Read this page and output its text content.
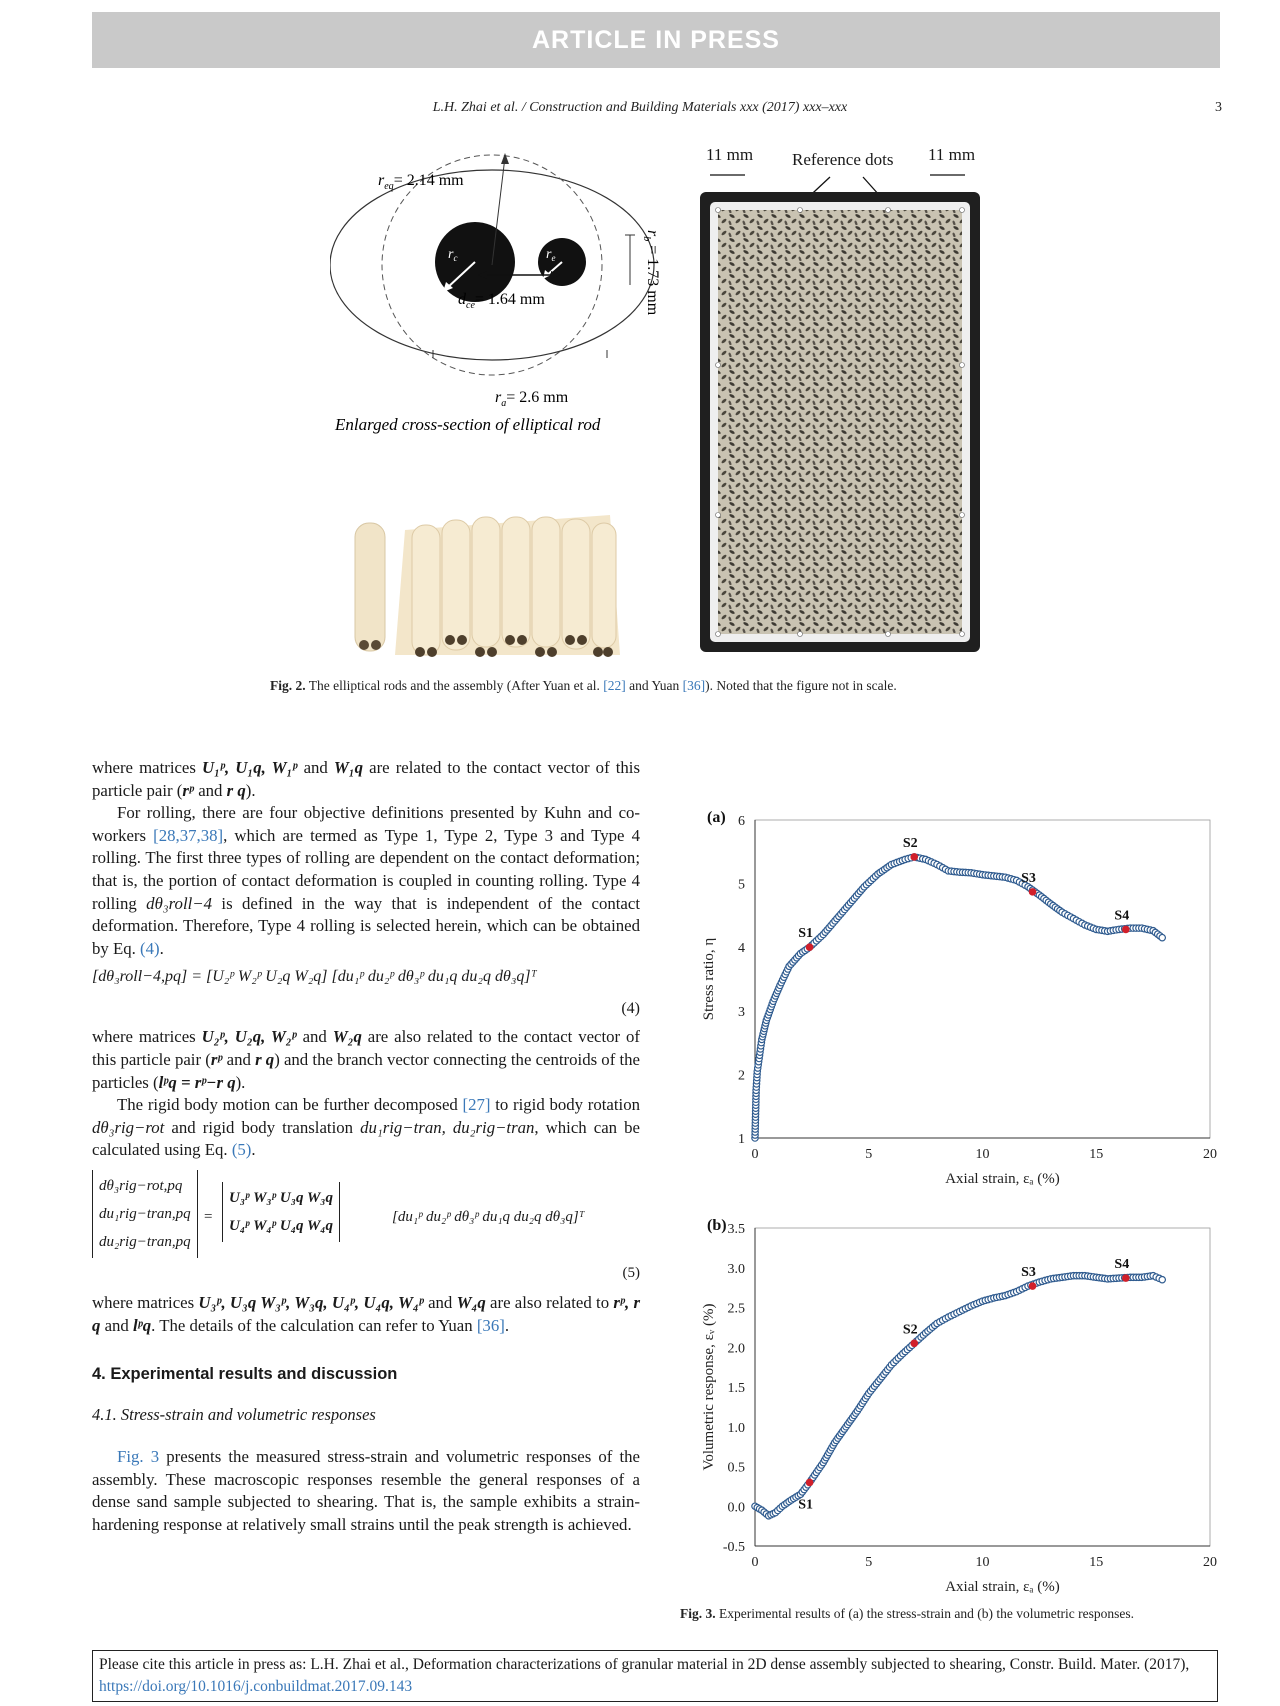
ARTICLE IN PRESS
L.H. Zhai et al. / Construction and Building Materials xxx (2017) xxx–xxx	3
$r_{eq}= 2.14$ mm
$r_c$	$r_e$
$d_{ce}= 1.64$ mm
$r_b = 1.73$ mm
$r_a= 2.6$ mm
Enlarged cross-section of elliptical rod
11 mm Reference dots 11 mm
Fig. 2. The elliptical rods and the assembly (After Yuan et al. [22] and Yuan [36]). Noted that the figure not in scale.

where matrices U₁ᵖ, U₁q, W₁ᵖ and W₁q are related to the contact vector of this particle pair (rᵖ and r q).

For rolling, there are four objective definitions presented by Kuhn and co-workers [28,37,38], which are termed as Type 1, Type 2, Type 3 and Type 4 rolling. The first three types of rolling are dependent on the contact deformation; that is, the portion of contact deformation is coupled in counting rolling. Type 4 rolling dθ₃roll−4 is defined in the way that is independent of the contact deformation. Therefore, Type 4 rolling is selected herein, which can be obtained by Eq. (4).

[dθ₃roll−4,pq] = [U₂ᵖ W₂ᵖ U₂q W₂q] [du₁ᵖ du₂ᵖ dθ₃ᵖ du₁q du₂q dθ₃q]ᵀ
(4)

where matrices U₂ᵖ, U₂q, W₂ᵖ and W₂q are also related to the contact vector of this particle pair (rᵖ and r q) and the branch vector connecting the centroids of the particles (lᵖq = rᵖ−r q).

The rigid body motion can be further decomposed [27] to rigid body rotation dθ₃rig−rot and rigid body translation du₁rig−tran, du₂rig−tran, which can be calculated using Eq. (5).

dθ₃rig−rot,pq
du₁rig−tran,pq
du₂rig−tran,pq
=
U₃ᵖ W₃ᵖ U₃q W₃q
U₄ᵖ W₄ᵖ U₄q W₄q
[du₁ᵖ du₂ᵖ dθ₃ᵖ du₁q du₂q dθ₃q]ᵀ
(5)

where matrices U₃ᵖ, U₃q W₃ᵖ, W₃q, U₄ᵖ, U₄q, W₄ᵖ and W₄q are also related to rᵖ, r q and lᵖq. The details of the calculation can refer to Yuan [36].

4. Experimental results and discussion
4.1. Stress-strain and volumetric responses

Fig. 3 presents the measured stress-strain and volumetric responses of the assembly. These macroscopic responses resemble the general responses of a dense sand sample subjected to shearing. That is, the sample exhibits a strain-hardening response at relatively small strains until the peak strength is achieved.

0	5	10	15	20
1
2
3
4
5
6
Axial strain, εₐ (%)
Stress ratio, η
(a)
S1
S2
S3
S4
0	5	10	15	20
-0.5
0.0
0.5
1.0
1.5
2.0
2.5
3.0
3.5
Axial strain, εₐ (%)
Volumetric response, εᵥ (%)
(b)
S1
S2
S3
S4
Fig. 3. Experimental results of (a) the stress-strain and (b) the volumetric responses.
Please cite this article in press as: L.H. Zhai et al., Deformation characterizations of granular material in 2D dense assembly subjected to shearing, Constr. Build. Mater. (2017), https://doi.org/10.1016/j.conbuildmat.2017.09.143
